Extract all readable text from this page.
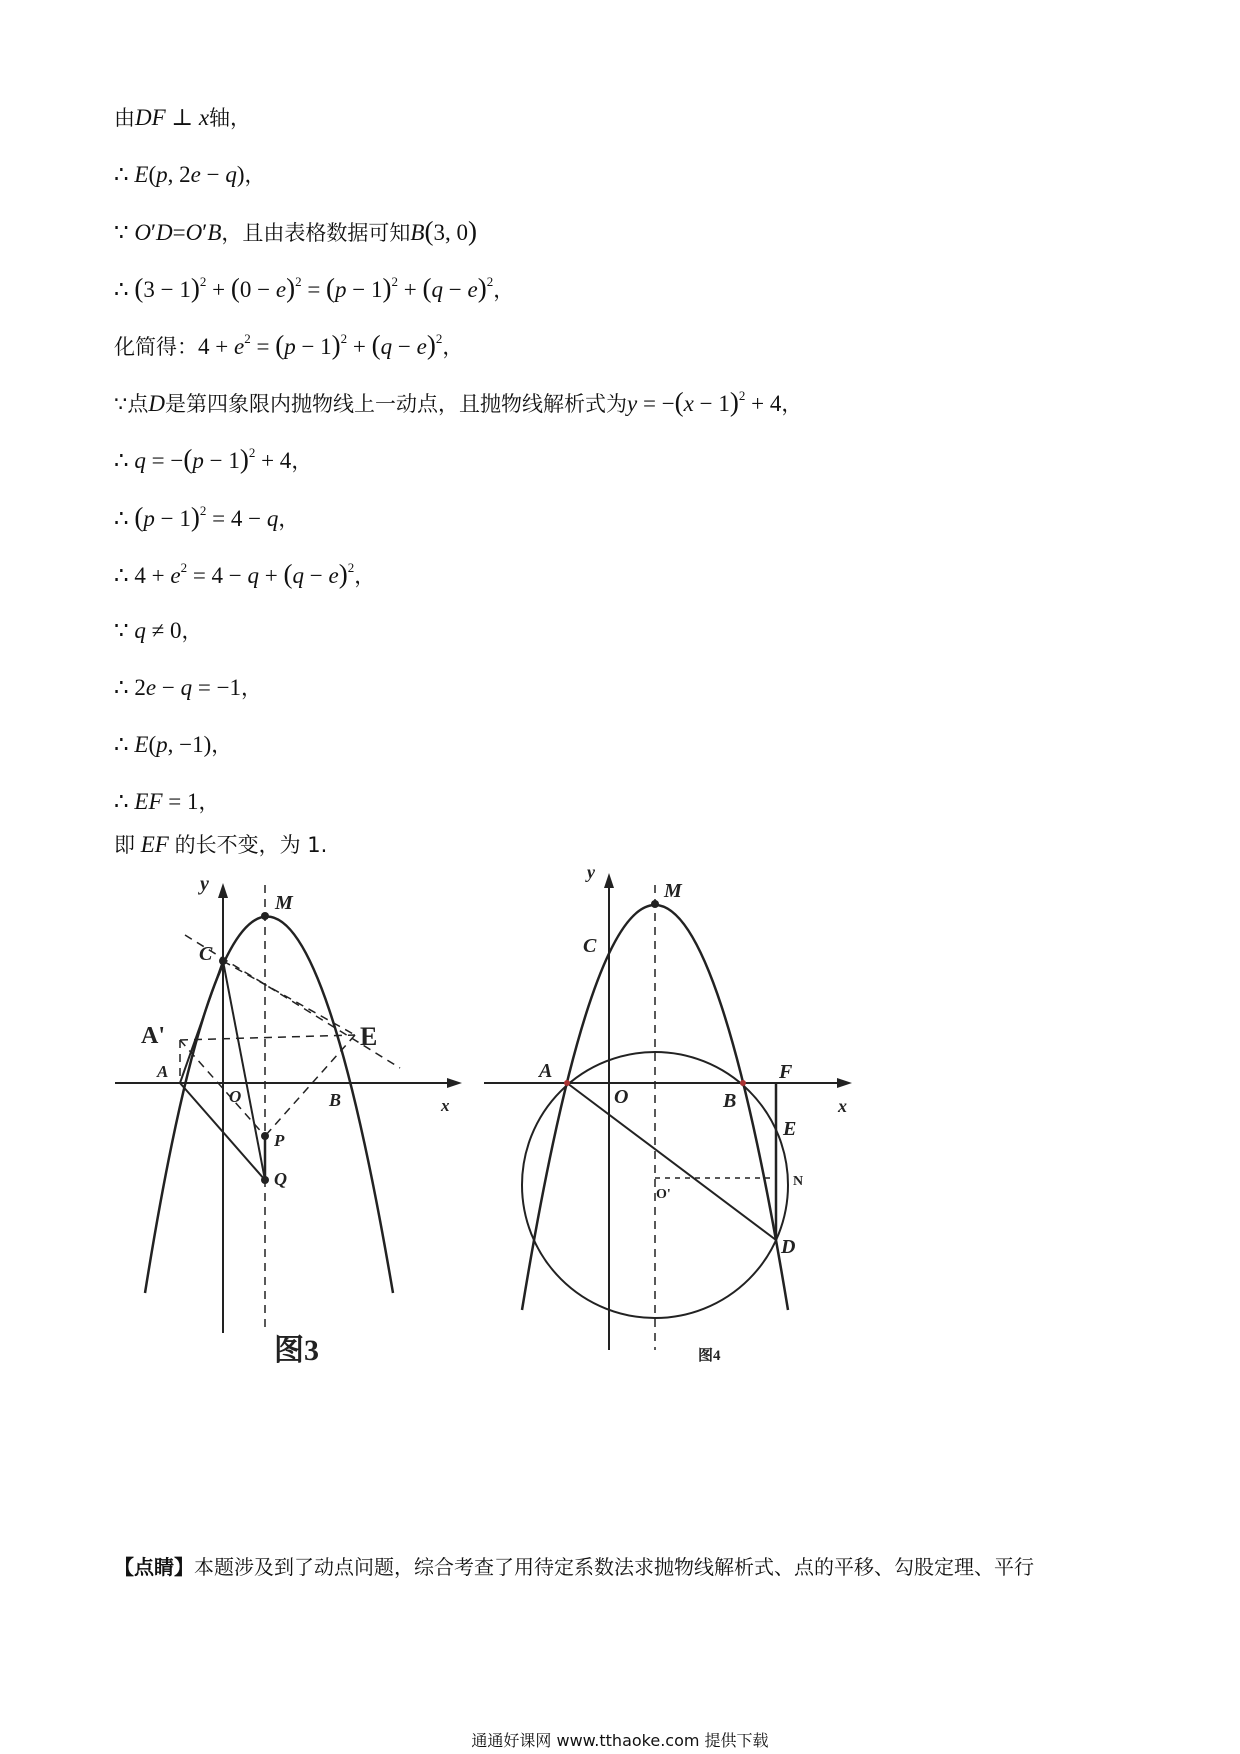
由DF ⊥ x轴，
∴ E(p, 2e − q)，
∵ O′D=O′B，且由表格数据可知B(3, 0)
∴ $(3 - 1)^2 + (0 - e)^2 = (p - 1)^2 + (q - e)^2$，
化简得：$4 + e^2 = (p - 1)^2 + (q - e)^2$，
∵点D是第四象限内抛物线上一动点，且抛物线解析式为$y = -(x - 1)^2 + 4$，
∴ $q = -(p - 1)^2 + 4$，
∴ $(p - 1)^2 = 4 - q$，
∴ $4 + e^2 = 4 - q + (q - e)^2$，
∵ q ≠ 0，
∴ 2e − q = −1，
∴ E(p, −1)，
∴ EF = 1，
即 EF 的长不变，为 1.
y
M
C
A'	E
A
O	B	x
P
Q
图3
y
M
C
A
O	B
F
x
E
N
O'
D
图4
【点睛】本题涉及到了动点问题，综合考查了用待定系数法求抛物线解析式、点的平移、勾股定理、平行
通通好课网 www.tthaoke.com 提供下载
